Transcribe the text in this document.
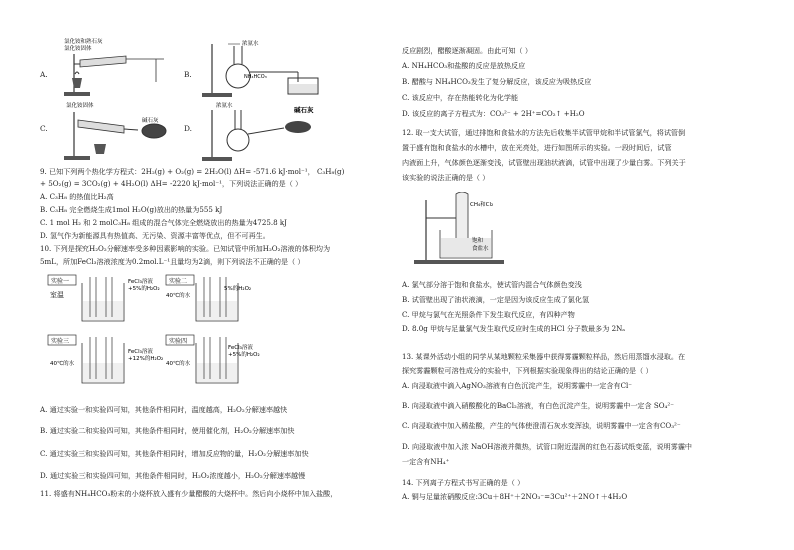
A.
氯化铵和熟石灰
氯化铵固体
B.
浓氨水
NH₄HCO₃
C.
氯化铵固体
碱石灰
D.
浓氨水	碱石灰
9. 已知下列两个热化学方程式：2H₂(g) + O₂(g) = 2H₂O(l) ΔH= -571.6 kJ·mol⁻¹， C₃H₈(g)
+ 5O₂(g) = 3CO₂(g) + 4H₂O(l) ΔH= -2220 kJ·mol⁻¹，下列说法正确的是（ ）
A. C₃H₈ 的热值比H₂高
B. C₃H₈ 完全燃烧生成1mol H₂O(g)放出的热量为555 kJ
C. 1 mol H₂ 和 2 molC₃H₈ 组成的混合气体完全燃烧放出的热量为4725.8 kJ
D. 氢气作为新能源具有热值高、无污染、资源丰富等优点，但不可再生。
10. 下列是探究H₂O₂分解速率受多种因素影响的实验。已知试管中所加H₂O₂溶液的体积均为
5mL，所加FeCl₃溶液浓度为0.2mol.L⁻¹且量均为2滴，则下列说法不正确的是（ ）
实验一
室温
FeCl₃溶液
+5%的H₂O₂
实验二
40℃的水
5%的H₂O₂
实验三
40℃的水
FeCl₃溶液
+12%的H₂O₂
实验四
40℃的水
FeCl₃溶液
+5%的H₂O₂
A. 通过实验一和实验四可知，其他条件相同时，温度越高，H₂O₂分解速率越快
B. 通过实验二和实验四可知，其他条件相同时，使用催化剂，H₂O₂分解速率加快
C. 通过实验三和实验四可知，其他条件相同时，增加反应物的量，H₂O₂分解速率加快
D. 通过实验三和实验四可知，其他条件相同时，H₂O₂浓度越小，H₂O₂分解速率越慢
11. 将盛有NH₄HCO₃粉末的小烧杯放入盛有少量醋酸的大烧杯中。然后向小烧杯中加入盐酸，
反应剧烈，醋酸逐渐凝固。由此可知（ ）
A. NH₄HCO₃和盐酸的反应是放热反应
B. 醋酸与 NH₄HCO₃发生了复分解反应，该反应为吸热反应
C. 该反应中，存在热能转化为化学能
D. 该反应的离子方程式为：CO₃²⁻ + 2H⁺=CO₂↑ +H₂O
12. 取一支大试管，通过排饱和食盐水的方法先后收集半试管甲烷和半试管氯气，将试管倒
置于盛有饱和食盐水的水槽中，放在光亮处，进行如图所示的实验。一段时间后，试管
内液面上升，气体颜色逐渐变浅，试管壁出现油状液滴，试管中出现了少量白雾。下列关于
该实验的说法正确的是（ ）
CH₄和Cl₂
饱和
食盐水
A. 氯气部分溶于饱和食盐水，使试管内混合气体颜色变浅
B. 试管壁出现了油状液滴，一定是因为该反应生成了氯化氢
C. 甲烷与氯气在光照条件下发生取代反应，有四种产物
D. 8.0g 甲烷与足量氯气发生取代反应时生成的HCl 分子数最多为 2Nₐ
13. 某课外活动小组的同学从某地颗粒采集器中获得雾霾颗粒样品，然后用蒸馏水浸取。在
探究雾霾颗粒可溶性成分的实验中，下列根据实验现象得出的结论正确的是（ ）
A. 向浸取液中滴入AgNO₃溶液有白色沉淀产生，说明雾霾中一定含有Cl⁻
B. 向浸取液中滴入硝酸酸化的BaCl₂溶液，有白色沉淀产生，说明雾霾中一定含 SO₄²⁻
C. 向浸取液中加入稀盐酸，产生的气体使澄清石灰水变浑浊，说明雾霾中一定含有CO₃²⁻
D. 向浸取液中加入浓 NaOH溶液并微热，试管口附近湿润的红色石蕊试纸变蓝，说明雾霾中
一定含有NH₄⁺
14. 下列离子方程式书写正确的是（ ）
A. 铜与足量浓硝酸反应:3Cu＋8H⁺＋2NO₃⁻=3Cu²⁺＋2NO↑＋4H₂O
